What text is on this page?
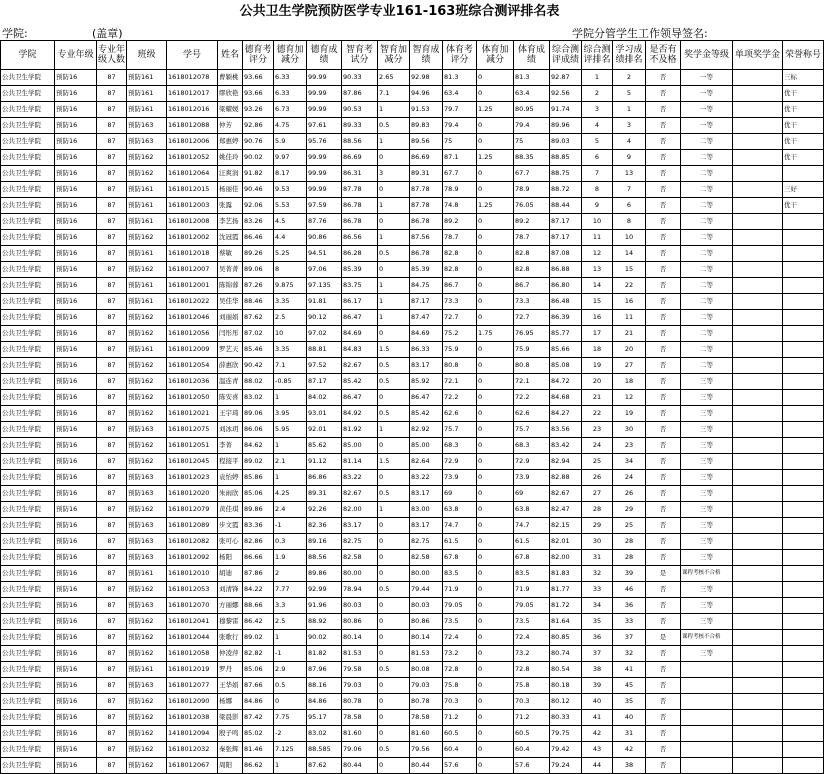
公共卫生学院预防医学专业161-163班综合测评排名表
学院:	(盖章)	学院分管学生工作领导签名:
学院	专业年级	专业年级人数	班级	学号	姓名	德育考评分	德育加减分	德育成绩	智育考试分	智育加减分	智育成绩	体育考评分	体育加减分	体育成绩	综合测评成绩	综合测评排名	学习成绩排名	是否有不及格	奖学金等级	单项奖学金	荣誉称号
公共卫生学院	预防16	87	预防161	1618012078	曹颖桃	93.66	6.33	99.99	90.33	2.65	92.98	81.3	0	81.3	92.87	1	2	否	一等		三标
公共卫生学院	预防16	87	预防161	1618012017	缪欣艳	93.66	6.33	99.99	87.86	7.1	94.96	63.4	0	63.4	92.56	2	5	否	一等		优干
公共卫生学院	预防16	87	预防161	1618012016	梁耀媛	93.26	6.73	99.99	90.53	1	91.53	79.7	1.25	80.95	91.74	3	1	否	一等		优干
公共卫生学院	预防16	87	预防163	1618012088	仲芳	92.86	4.75	97.61	89.33	0.5	89.83	79.4	0	79.4	89.96	4	3	否	一等		优干
公共卫生学院	预防16	87	预防163	1618012006	郑惠婷	90.76	5.9	95.76	88.56	1	89.56	75	0	75	89.03	5	4	否	二等		优干
公共卫生学院	预防16	87	预防162	1618012052	姚佳玲	90.02	9.97	99.99	86.69	0	86.69	87.1	1.25	88.35	88.85	6	9	否	二等		优干
公共卫生学院	预防16	87	预防162	1618012064	汪爽润	91.82	8.17	99.99	86.31	3	89.31	67.7	0	67.7	88.75	7	13	否	二等		
公共卫生学院	预防16	87	预防161	1618012015	杨丽佳	90.46	9.53	99.99	87.78	0	87.78	78.9	0	78.9	88.72	8	7	否	二等		三好
公共卫生学院	预防16	87	预防161	1618012003	张露	92.06	5.53	97.59	86.78	1	87.78	74.8	1.25	76.05	88.44	9	6	否	二等		优干
公共卫生学院	预防16	87	预防161	1618012008	李艺扬	83.26	4.5	87.76	86.78	0	86.78	89.2	0	89.2	87.17	10	8	否	二等		
公共卫生学院	预防16	87	预防162	1618012002	沈冠霞	86.46	4.4	90.86	86.56	1	87.56	78.7	0	78.7	87.17	11	10	否	二等		
公共卫生学院	预防16	87	预防161	1618012018	蔡敏	89.26	5.25	94.51	86.28	0.5	86.78	82.8	0	82.8	87.08	12	14	否	二等		
公共卫生学院	预防16	87	预防162	1618012007	吴菁菁	89.06	8	97.06	85.39	0	85.39	82.8	0	82.8	86.88	13	15	否	二等		
公共卫生学院	预防16	87	预防161	1618012001	陈锦蓉	87.26	9.875	97.135	83.75	1	84.75	86.7	0	86.7	86.80	14	22	否	二等		
公共卫生学院	预防16	87	预防161	1618012022	吴佳华	88.46	3.35	91.81	86.17	1	87.17	73.3	0	73.3	86.48	15	16	否	二等		
公共卫生学院	预防16	87	预防162	1618012046	刘丽娟	87.62	2.5	90.12	86.47	1	87.47	72.7	0	72.7	86.39	16	11	否	二等		
公共卫生学院	预防16	87	预防162	1618012056	闫彤彤	87.02	10	97.02	84.69	0	84.69	75.2	1.75	76.95	85.77	17	21	否	二等		
公共卫生学院	预防16	87	预防161	1618012009	罗艺天	85.46	3.35	88.81	84.83	1.5	86.33	75.9	0	75.9	85.66	18	20	否	二等		
公共卫生学院	预防16	87	预防162	1618012054	薛惠欣	90.42	7.1	97.52	82.67	0.5	83.17	80.8	0	80.8	85.08	19	27	否	二等		
公共卫生学院	预防16	87	预防162	1618012036	温连青	88.02	-0.85	87.17	85.42	0.5	85.92	72.1	0	72.1	84.72	20	18	否	三等		
公共卫生学院	预防16	87	预防162	1618012050	陈安喜	83.02	1	84.02	86.47	0	86.47	72.2	0	72.2	84.68	21	12	否	三等		
公共卫生学院	预防16	87	预防162	1618012021	王宇琦	89.06	3.95	93.01	84.92	0.5	85.42	62.6	0	62.6	84.27	22	19	否	三等		
公共卫生学院	预防16	87	预防163	1618012075	刘冰玥	86.06	5.95	92.01	81.92	1	82.92	75.7	0	75.7	83.56	23	30	否	三等		
公共卫生学院	预防16	87	预防162	1618012051	李菁	84.62	1	85.62	85.00	0	85.00	68.3	0	68.3	83.42	24	23	否	三等		
公共卫生学院	预防16	87	预防162	1618012045	程接平	89.02	2.1	91.12	81.14	1.5	82.64	72.9	0	72.9	82.94	25	34	否	三等		
公共卫生学院	预防16	87	预防163	1618012023	袁怡婷	85.86	1	86.86	83.22	0	83.22	73.9	0	73.9	82.88	26	24	否	三等		
公共卫生学院	预防16	87	预防163	1618012020	朱雨欣	85.06	4.25	89.31	82.67	0.5	83.17	69	0	69	82.67	27	26	否	三等		
公共卫生学院	预防16	87	预防162	1618012079	黄佳琪	89.86	2.4	92.26	82.00	1	83.00	63.8	0	63.8	82.47	28	29	否	三等		
公共卫生学院	预防16	87	预防163	1618012089	步文霞	83.36	-1	82.36	83.17	0	83.17	74.7	0	74.7	82.15	29	25	否	三等		
公共卫生学院	预防16	87	预防163	1618012082	张可心	82.86	0.3	89.16	82.75	0	82.75	61.5	0	61.5	82.01	30	28	否	三等		
公共卫生学院	预防16	87	预防163	1618012092	杨阳	86.66	1.9	88.56	82.58	0	82.58	67.8	0	67.8	82.00	31	28	否	三等		
公共卫生学院	预防16	87	预防161	1618012010	胡迪	87.86	2	89.86	80.00	0	80.00	83.5	0	83.5	81.83	32	39	是	课程考核不合格		
公共卫生学院	预防16	87	预防162	1618012053	刘清锋	84.22	7.77	92.99	78.94	0.5	79.44	71.9	0	71.9	81.77	33	46	否	三等		
公共卫生学院	预防16	87	预防163	1618012070	方丽娜	88.66	3.3	91.96	80.03	0	80.03	79.05	0	79.05	81.72	34	36	否	三等		
公共卫生学院	预防16	87	预防162	1618012041	穆黎雷	86.42	2.5	88.92	80.86	0	80.86	73.5	0	73.5	81.64	35	33	否	三等		
公共卫生学院	预防16	87	预防162	1618012044	张歌行	89.02	1	90.02	80.14	0	80.14	72.4	0	72.4	80.85	36	37	是	课程考核不合格		
公共卫生学院	预防16	87	预防162	1618012058	仲凌萍	82.82	-1	81.82	81.53	0	81.53	73.2	0	73.2	80.74	37	32	否	三等		
公共卫生学院	预防16	87	预防161	1618012019	罗丹	85.06	2.9	87.96	79.58	0.5	80.08	72.8	0	72.8	80.54	38	41	否			
公共卫生学院	预防16	87	预防163	1618012077	王华娟	87.66	0.5	88.16	79.03	0	79.03	75.8	0	75.8	80.18	39	45	否			
公共卫生学院	预防16	87	预防162	1618012090	杨娜	84.86	0	84.86	80.78	0	80.78	70.3	0	70.3	80.12	40	35	否			
公共卫生学院	预防16	87	预防162	1618012038	梁晨影	87.42	7.75	95.17	78.58	0	78.58	71.2	0	71.2	80.33	41	40	否			
公共卫生学院	预防16	87	预防162	1418012094	殷子鸣	85.02	-2	83.02	81.60	0	81.60	60.5	0	60.5	79.75	42	31	否			
公共卫生学院	预防16	87	预防162	1618012032	秦张辉	81.46	7.125	88.585	79.06	0.5	79.56	60.4	0	60.4	79.42	43	42	否			
公共卫生学院	预防16	87	预防162	1618012067	周阳	86.62	1	87.62	80.44	0	80.44	57.6	0	57.6	79.24	44	38	否			
